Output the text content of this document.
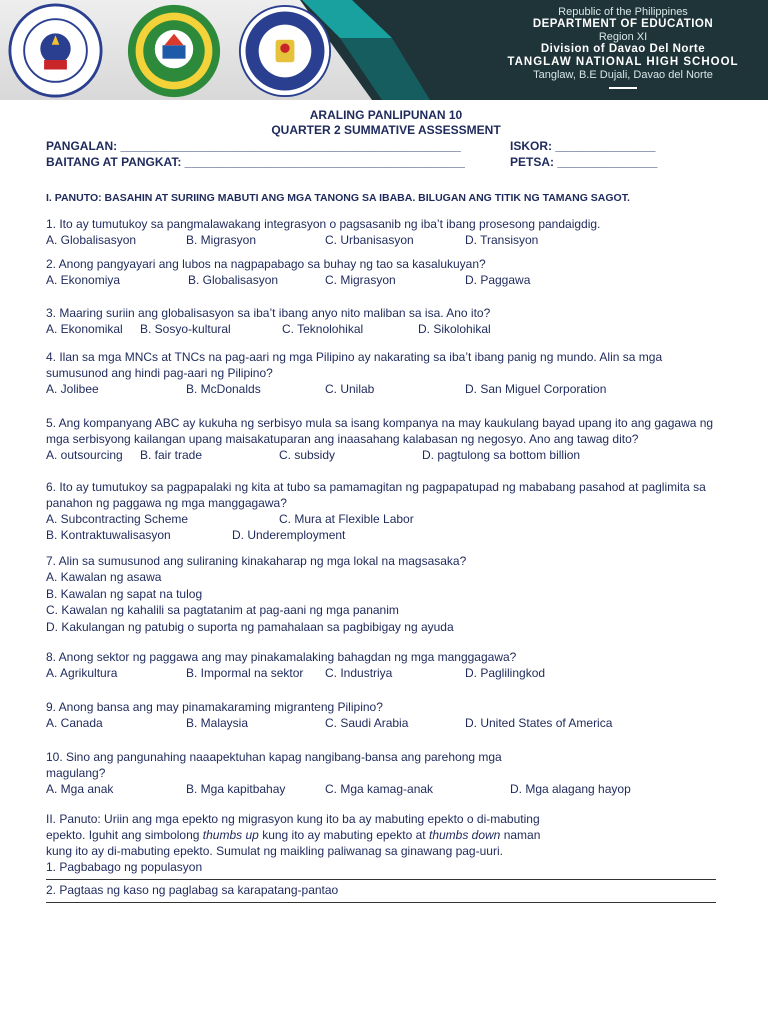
Republic of the Philippines
DEPARTMENT OF EDUCATION
Region XI
Division of Davao Del Norte
TANGLAW NATIONAL HIGH SCHOOL
Tanglaw, B.E Dujali, Davao del Norte
ARALING PANLIPUNAN 10
QUARTER 2 SUMMATIVE ASSESSMENT
PANGALAN: ___________________________________________________	ISKOR: _______________
BAITANG AT PANGKAT: __________________________________________	PETSA: _______________
I. PANUTO: BASAHIN AT SURIING MABUTI ANG MGA TANONG SA IBABA. BILUGAN ANG TITIK NG TAMANG SAGOT.
1. Ito ay tumutukoy sa pangmalawakang integrasyon o pagsasanib ng iba’t ibang prosesong pandaigdig.
A. Globalisasyon	B. Migrasyon	C. Urbanisasyon	D. Transisyon
2. Anong pangyayari ang lubos na nagpapabago sa buhay ng tao sa kasalukuyan?
A. Ekonomiya	B. Globalisasyon	C. Migrasyon	D. Paggawa
3. Maaring suriin ang globalisasyon sa iba’t ibang anyo nito maliban sa isa. Ano ito?
A. Ekonomikal B. Sosyo-kultural	C. Teknolohikal	D. Sikolohikal
4. Ilan sa mga MNCs at TNCs na pag-aari ng mga Pilipino ay nakarating sa iba’t ibang panig ng mundo. Alin sa mga sumusunod ang hindi pag-aari ng Pilipino?
A. Jolibee	B. McDonalds	C. Unilab	D. San Miguel Corporation
5. Ang kompanyang ABC ay kukuha ng serbisyo mula sa isang kompanya na may kaukulang bayad upang ito ang gagawa ng mga serbisyong kailangan upang maisakatuparan ang inaasahang kalabasan ng negosyo. Ano ang tawag dito?
A. outsourcing B. fair trade	C. subsidy	D. pagtulong sa bottom billion
6. Ito ay tumutukoy sa pagpapalaki ng kita at tubo sa pamamagitan ng pagpapatupad ng mababang pasahod at paglimita sa panahon ng paggawa ng mga manggagawa?
A. Subcontracting Scheme	C. Mura at Flexible Labor
B. Kontraktuwalisasyon	D. Underemployment
7. Alin sa sumusunod ang suliraning kinakaharap ng mga lokal na magsasaka?
A. Kawalan ng asawa
B. Kawalan ng sapat na tulog
C. Kawalan ng kahalili sa pagtatanim at pag-aani ng mga pananim
D. Kakulangan ng patubig o suporta ng pamahalaan sa pagbibigay ng ayuda
8. Anong sektor ng paggawa ang may pinakamalaking bahagdan ng mga manggagawa?
A. Agrikultura	B. Impormal na sektor C. Industriya	D. Paglilingkod
9. Anong bansa ang may pinamakaraming migranteng Pilipino?
A. Canada	B. Malaysia	C. Saudi Arabia	D. United States of America
10. Sino ang pangunahing naaapektuhan kapag nangibang-bansa ang parehong mga magulang?
A. Mga anak	B. Mga kapitbahay	C. Mga kamag-anak	D. Mga alagang hayop
II. Panuto: Uriin ang mga epekto ng migrasyon kung ito ba ay mabuting epekto o di-mabuting epekto. Iguhit ang simbolong thumbs up kung ito ay mabuting epekto at thumbs down naman kung ito ay di-mabuting epekto. Sumulat ng maikling paliwanag sa ginawang pag-uuri.
1. Pagbabago ng populasyon
2. Pagtaas ng kaso ng paglabag sa karapatang-pantao
